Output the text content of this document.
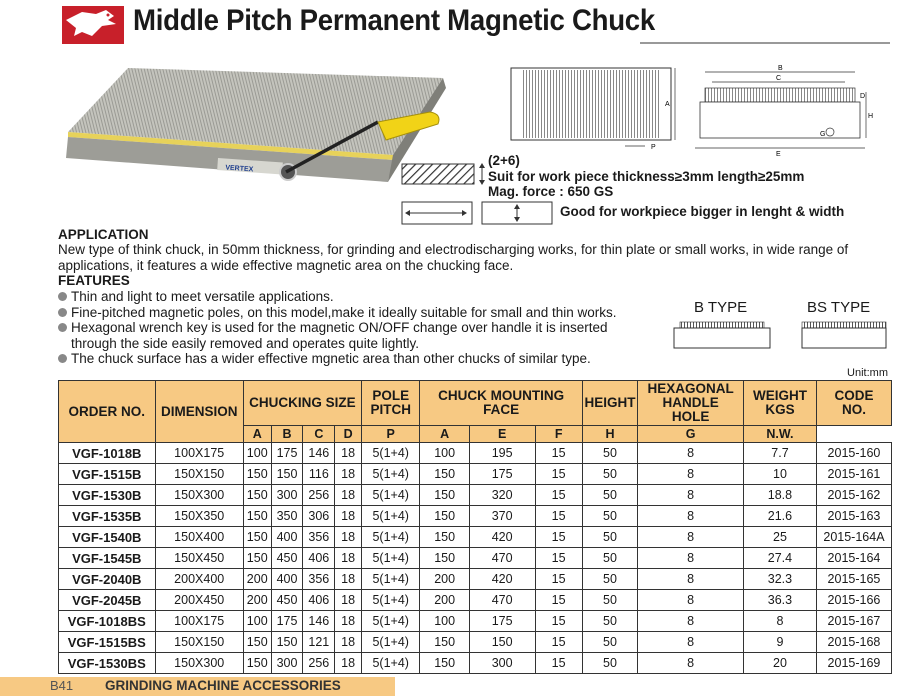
Middle Pitch Permanent Magnetic Chuck
VERTEX
A
P
B
C
G
E
D
H
(2+6)
Suit for work piece thickness≥3mm length≥25mm
Mag. force : 650 GS
Good for workpiece bigger in lenght & width
APPLICATION
New type of think chuck, in 50mm thickness, for grinding and electrodischarging works, for thin plate or small works, in wide range of applications, it features a wide effective magnetic area on the chucking face.
FEATURES
Thin and light to meet versatile applications.
Fine-pitched magnetic poles, on this model,make it ideally suitable for small and thin works.
Hexagonal wrench key is used for the magnetic ON/OFF change over handle it is inserted
through the side easily removed and operates quite lightly.
The chuck surface has a wider effective mgnetic area than other chucks of similar type.
B TYPE	BS TYPE
Unit:mm
ORDER NO.	DIMENSION	CHUCKING SIZE				POLE PITCH	CHUCK MOUNTING FACE			HEIGHT	HEXAGONAL HANDLE HOLE	WEIGHT KGS	CODE NO.
		A	B	C	D	P	A	E	F	H	G	N.W.	
VGF-1018B	100X175	100	175	146	18	5(1+4)	100	195	15	50	8	7.7	2015-160
VGF-1515B	150X150	150	150	116	18	5(1+4)	150	175	15	50	8	10	2015-161
VGF-1530B	150X300	150	300	256	18	5(1+4)	150	320	15	50	8	18.8	2015-162
VGF-1535B	150X350	150	350	306	18	5(1+4)	150	370	15	50	8	21.6	2015-163
VGF-1540B	150X400	150	400	356	18	5(1+4)	150	420	15	50	8	25	2015-164A
VGF-1545B	150X450	150	450	406	18	5(1+4)	150	470	15	50	8	27.4	2015-164
VGF-2040B	200X400	200	400	356	18	5(1+4)	200	420	15	50	8	32.3	2015-165
VGF-2045B	200X450	200	450	406	18	5(1+4)	200	470	15	50	8	36.3	2015-166
VGF-1018BS	100X175	100	175	146	18	5(1+4)	100	175	15	50	8	8	2015-167
VGF-1515BS	150X150	150	150	121	18	5(1+4)	150	150	15	50	8	9	2015-168
VGF-1530BS	150X300	150	300	256	18	5(1+4)	150	300	15	50	8	20	2015-169
B41 GRINDING MACHINE ACCESSORIES
